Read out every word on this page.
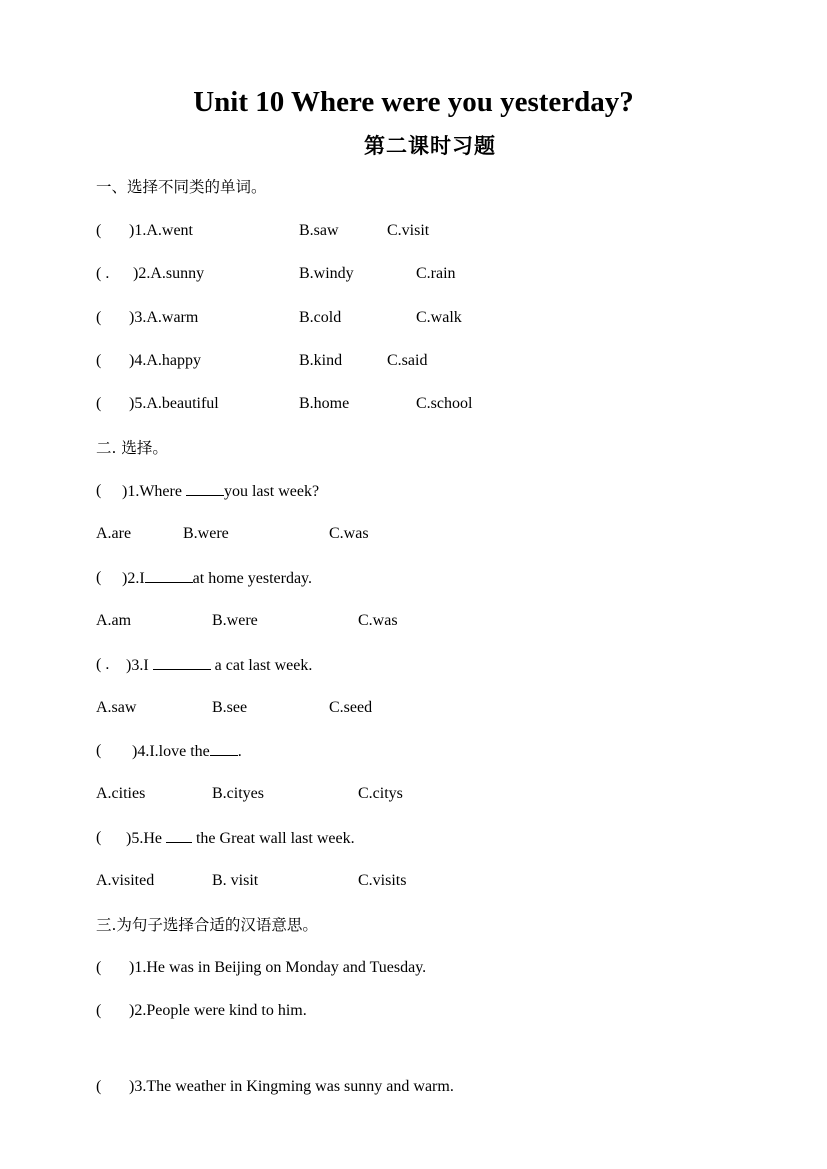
Unit 10 Where were you yesterday?
第二课时习题
一、选择不同类的单词。
( )1.A.went	B.saw	C.visit
( . )2.A.sunny	B.windy	C.rain
( )3.A.warm	B.cold	C.walk
( )4.A.happy	B.kind	C.said
( )5.A.beautiful	B.home	C.school
二. 选择。
( )1.Where you last week?
A.are	B.were	C.was
( )2.I	at home yesterday.
A.am	B.were	C.was
( . )3.I	a cat last week.
A.saw	B.see	C.seed
( )4.I.love the .
A.cities	B.cityes	C.citys
( )5.He  the Great wall last week.
A.visited	B. visit	C.visits
三.为句子选择合适的汉语意思。
( )1.He was in Beijing on Monday and Tuesday.
( )2.People were kind to him.
( )3.The weather in Kingming was sunny and warm.
